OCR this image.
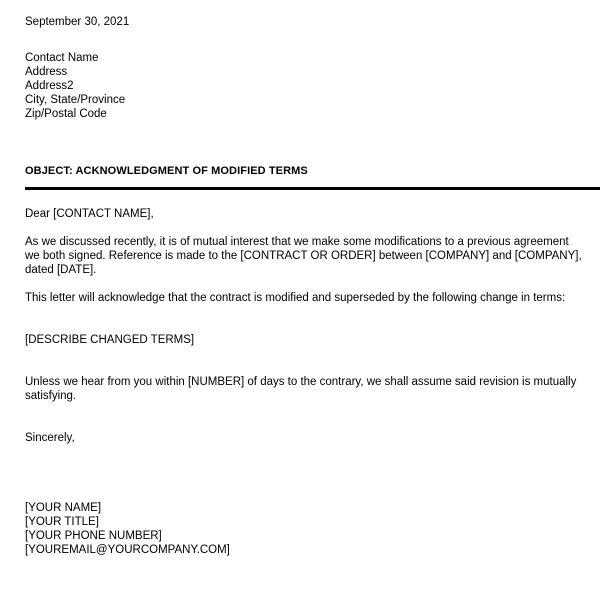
September 30, 2021

Contact Name

Address

Address2

City, State/Province

Zip/Postal Code

OBJECT: ACKNOWLEDGMENT OF MODIFIED TERMS

Dear [CONTACT NAME],

As we discussed recently, it is of mutual interest that we make some modifications to a previous agreement we both signed. Reference is made to the [CONTRACT OR ORDER] between [COMPANY] and [COMPANY], dated [DATE].

This letter will acknowledge that the contract is modified and superseded by the following change in terms:

[DESCRIBE CHANGED TERMS]

Unless we hear from you within [NUMBER] of days to the contrary, we shall assume said revision is mutually satisfying.

Sincerely,

[YOUR NAME]

[YOUR TITLE]

[YOUR PHONE NUMBER]

[YOUREMAIL@YOURCOMPANY.COM]
